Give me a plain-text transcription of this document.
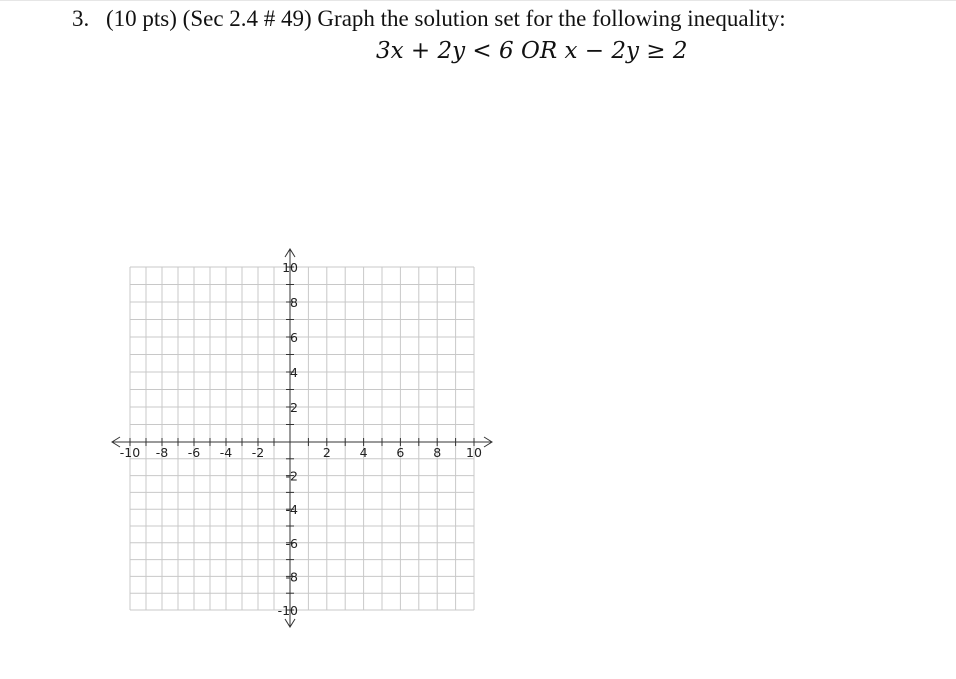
3. (10 pts) (Sec 2.4 # 49) Graph the solution set for the following inequality:
3x + 2y < 6 OR x − 2y ≥ 2
-10 -8 -6 -4 -2	2 4 6 8 10
10
8
6
4
2
-2
-4
-6
-8
-10
